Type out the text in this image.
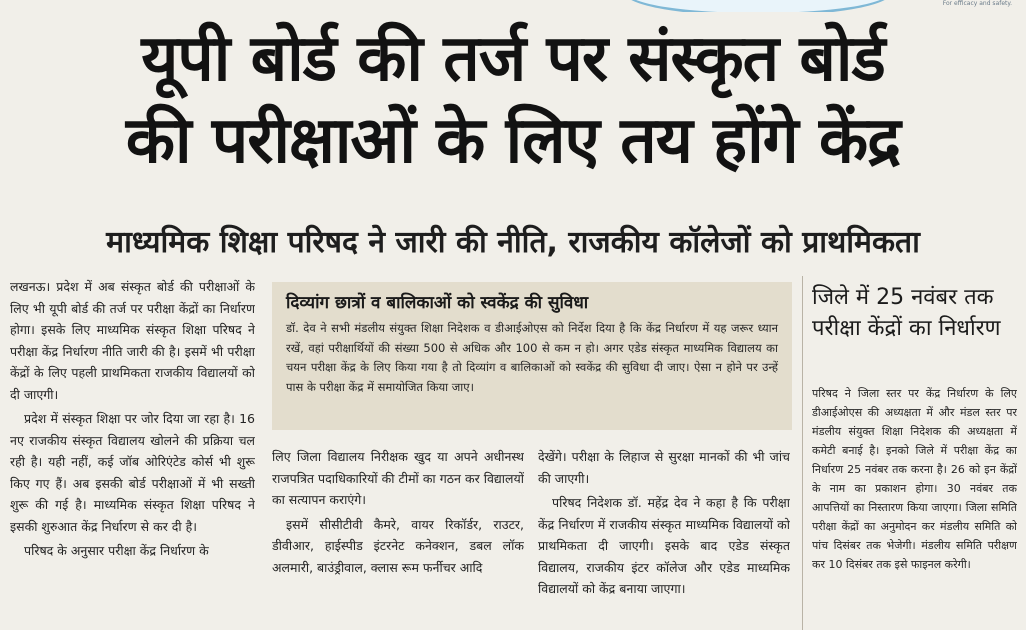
For efficacy and safety.
यूपी बोर्ड की तर्ज पर संस्कृत बोर्ड
की परीक्षाओं के लिए तय होंगे केंद्र
माध्यमिक शिक्षा परिषद ने जारी की नीति, राजकीय कॉलेजों को प्राथमिकता

लखनऊ। प्रदेश में अब संस्कृत बोर्ड की परीक्षाओं के लिए भी यूपी बोर्ड की तर्ज पर परीक्षा केंद्रों का निर्धारण होगा। इसके लिए माध्यमिक संस्कृत शिक्षा परिषद ने परीक्षा केंद्र निर्धारण नीति जारी की है। इसमें भी परीक्षा केंद्रों के लिए पहली प्राथमिकता राजकीय विद्यालयों को दी जाएगी।

प्रदेश में संस्कृत शिक्षा पर जोर दिया जा रहा है। 16 नए राजकीय संस्कृत विद्यालय खोलने की प्रक्रिया चल रही है। यही नहीं, कई जॉब ओरिएंटेड कोर्स भी शुरू किए गए हैं। अब इसकी बोर्ड परीक्षाओं में भी सख्ती शुरू की गई है। माध्यमिक संस्कृत शिक्षा परिषद ने इसकी शुरुआत केंद्र निर्धारण से कर दी है।

परिषद के अनुसार परीक्षा केंद्र निर्धारण के

दिव्यांग छात्रों व बालिकाओं को स्वकेंद्र की सुविधा
डॉ. देव ने सभी मंडलीय संयुक्त शिक्षा निदेशक व डीआईओएस को निर्देश दिया है कि केंद्र निर्धारण में यह जरूर ध्यान रखें, वहां परीक्षार्थियों की संख्या 500 से अधिक और 100 से कम न हो। अगर एडेड संस्कृत माध्यमिक विद्यालय का चयन परीक्षा केंद्र के लिए किया गया है तो दिव्यांग व बालिकाओं को स्वकेंद्र की सुविधा दी जाए। ऐसा न होने पर उन्हें पास के परीक्षा केंद्र में समायोजित किया जाए।

लिए जिला विद्यालय निरीक्षक खुद या अपने अधीनस्थ राजपत्रित पदाधिकारियों की टीमों का गठन कर विद्यालयों का सत्यापन कराएंगे।

इसमें सीसीटीवी कैमरे, वायर रिकॉर्डर, राउटर, डीवीआर, हाईस्पीड इंटरनेट कनेक्शन, डबल लॉक अलमारी, बाउंड्रीवाल, क्लास रूम फर्नीचर आदि

देखेंगे। परीक्षा के लिहाज से सुरक्षा मानकों की भी जांच की जाएगी।

परिषद निदेशक डॉ. महेंद्र देव ने कहा है कि परीक्षा केंद्र निर्धारण में राजकीय संस्कृत माध्यमिक विद्यालयों को प्राथमिकता दी जाएगी। इसके बाद एडेड संस्कृत विद्यालय, राजकीय इंटर कॉलेज और एडेड माध्यमिक विद्यालयों को केंद्र बनाया जाएगा।

जिले में 25 नवंबर तक परीक्षा केंद्रों का निर्धारण
परिषद ने जिला स्तर पर केंद्र निर्धारण के लिए डीआईओएस की अध्यक्षता में और मंडल स्तर पर मंडलीय संयुक्त शिक्षा निदेशक की अध्यक्षता में कमेटी बनाई है। इनको जिले में परीक्षा केंद्र का निर्धारण 25 नवंबर तक करना है। 26 को इन केंद्रों के नाम का प्रकाशन होगा। 30 नवंबर तक आपत्तियों का निस्तारण किया जाएगा। जिला समिति परीक्षा केंद्रों का अनुमोदन कर मंडलीय समिति को पांच दिसंबर तक भेजेगी। मंडलीय समिति परीक्षण कर 10 दिसंबर तक इसे फाइनल करेगी।
